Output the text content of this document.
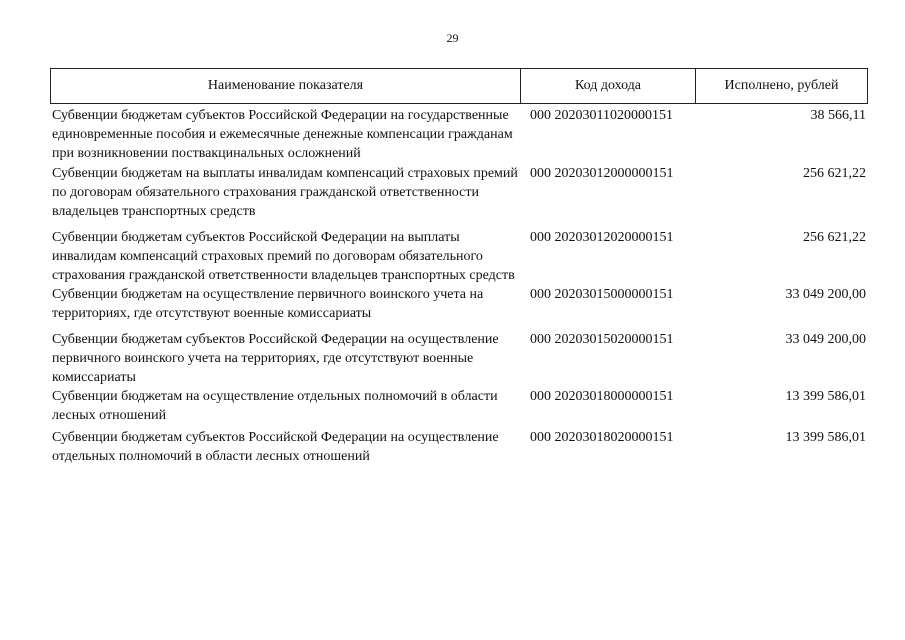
29
Наименование показателя	Код дохода	Исполнено, рублей
Субвенции бюджетам субъектов Российской Федерации на государственные единовременные пособия и ежемесячные денежные компенсации гражданам при возникновении поствакцинальных осложнений
000 20203011020000151	38 566,11
Субвенции бюджетам на выплаты инвалидам компенсаций страховых премий по договорам обязательного страхования гражданской ответственности владельцев транспортных средств
000 20203012000000151	256 621,22
Субвенции бюджетам субъектов Российской Федерации на выплаты инвалидам компенсаций страховых премий по договорам обязательного страхования гражданской ответственности владельцев транспортных средств
000 20203012020000151	256 621,22
Субвенции бюджетам на осуществление первичного воинского учета на территориях, где отсутствуют военные комиссариаты
000 20203015000000151	33 049 200,00
Субвенции бюджетам субъектов Российской Федерации на осуществление первичного воинского учета на территориях, где отсутствуют военные комиссариаты
000 20203015020000151	33 049 200,00
Субвенции бюджетам на осуществление отдельных полномочий в области лесных отношений
000 20203018000000151	13 399 586,01
Субвенции бюджетам субъектов Российской Федерации на осуществление отдельных полномочий в области лесных отношений
000 20203018020000151	13 399 586,01
